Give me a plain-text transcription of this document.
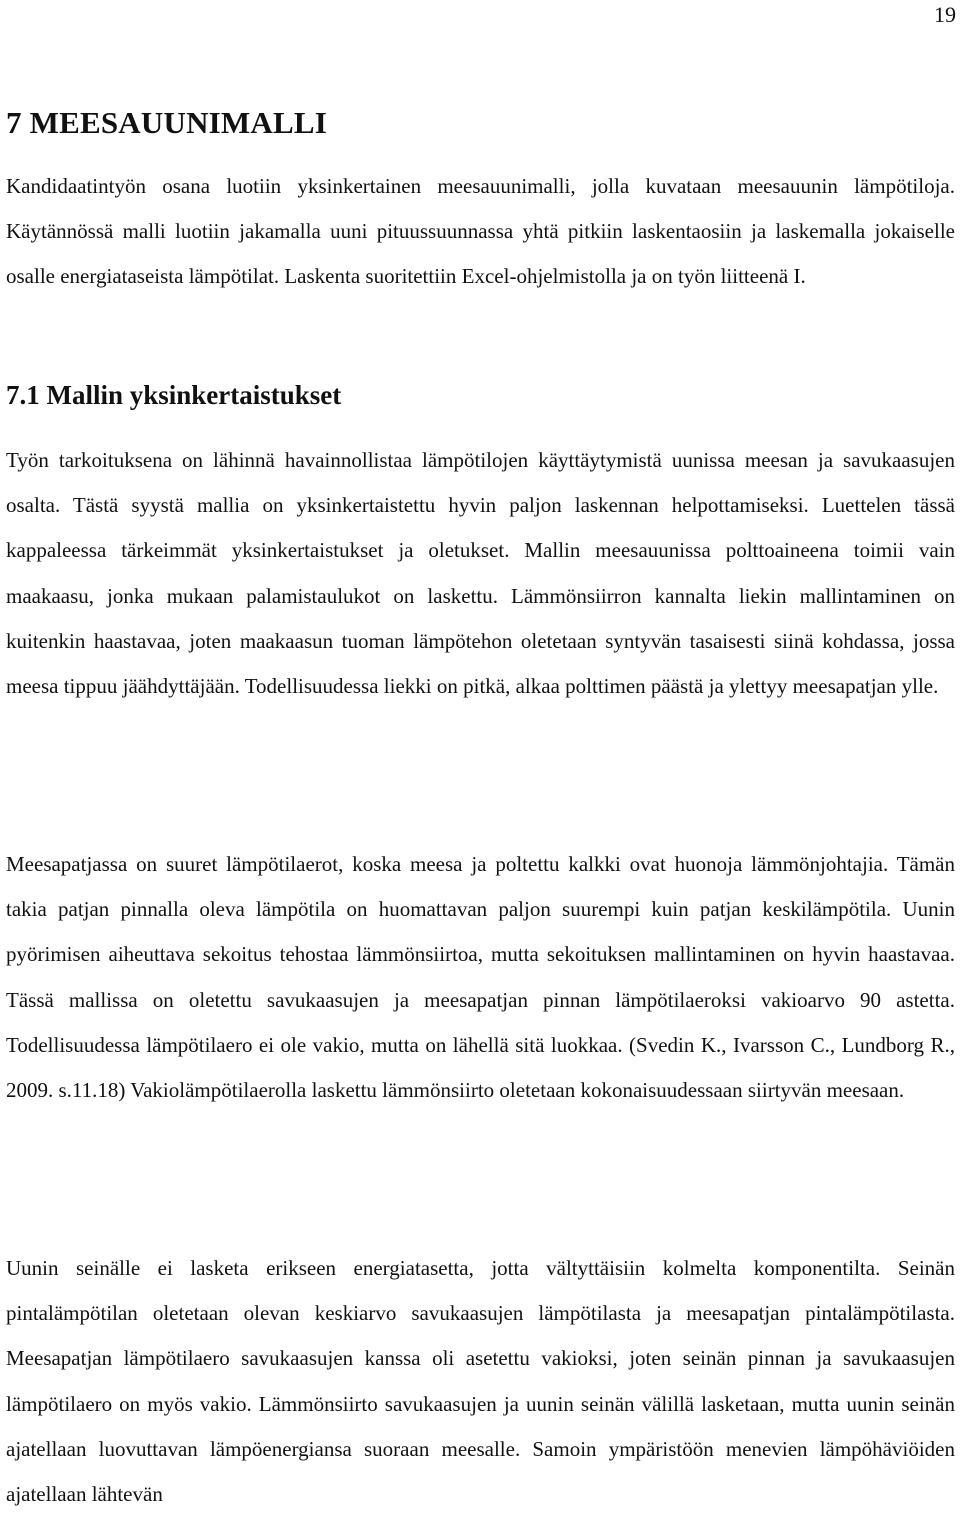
19
7 MEESAUUNIMALLI

Kandidaatintyön osana luotiin yksinkertainen meesauunimalli, jolla kuvataan meesauunin lämpötiloja. Käytännössä malli luotiin jakamalla uuni pituussuunnassa yhtä pitkiin laskentaosiin ja laskemalla jokaiselle osalle energiataseista lämpötilat. Laskenta suoritettiin Excel-ohjelmistolla ja on työn liitteenä I.

7.1 Mallin yksinkertaistukset

Työn tarkoituksena on lähinnä havainnollistaa lämpötilojen käyttäytymistä uunissa meesan ja savukaasujen osalta. Tästä syystä mallia on yksinkertaistettu hyvin paljon laskennan helpottamiseksi. Luettelen tässä kappaleessa tärkeimmät yksinkertaistukset ja oletukset. Mallin meesauunissa polttoaineena toimii vain maakaasu, jonka mukaan palamistaulukot on laskettu. Lämmönsiirron kannalta liekin mallintaminen on kuitenkin haastavaa, joten maakaasun tuoman lämpötehon oletetaan syntyvän tasaisesti siinä kohdassa, jossa meesa tippuu jäähdyttäjään. Todellisuudessa liekki on pitkä, alkaa polttimen päästä ja ylettyy meesapatjan ylle.

Meesapatjassa on suuret lämpötilaerot, koska meesa ja poltettu kalkki ovat huonoja lämmönjohtajia. Tämän takia patjan pinnalla oleva lämpötila on huomattavan paljon suurempi kuin patjan keskilämpötila. Uunin pyörimisen aiheuttava sekoitus tehostaa lämmönsiirtoa, mutta sekoituksen mallintaminen on hyvin haastavaa. Tässä mallissa on oletettu savukaasujen ja meesapatjan pinnan lämpötilaeroksi vakioarvo 90 astetta. Todellisuudessa lämpötilaero ei ole vakio, mutta on lähellä sitä luokkaa. (Svedin K., Ivarsson C., Lundborg R., 2009. s.11.18) Vakiolämpötilaerolla laskettu lämmönsiirto oletetaan kokonaisuudessaan siirtyvän meesaan.

Uunin seinälle ei lasketa erikseen energiatasetta, jotta vältyttäisiin kolmelta komponentilta. Seinän pintalämpötilan oletetaan olevan keskiarvo savukaasujen lämpötilasta ja meesapatjan pintalämpötilasta. Meesapatjan lämpötilaero savukaasujen kanssa oli asetettu vakioksi, joten seinän pinnan ja savukaasujen lämpötilaero on myös vakio. Lämmönsiirto savukaasujen ja uunin seinän välillä lasketaan, mutta uunin seinän ajatellaan luovuttavan lämpöenergiansa suoraan meesalle. Samoin ympäristöön menevien lämpöhäviöiden ajatellaan lähtevän
